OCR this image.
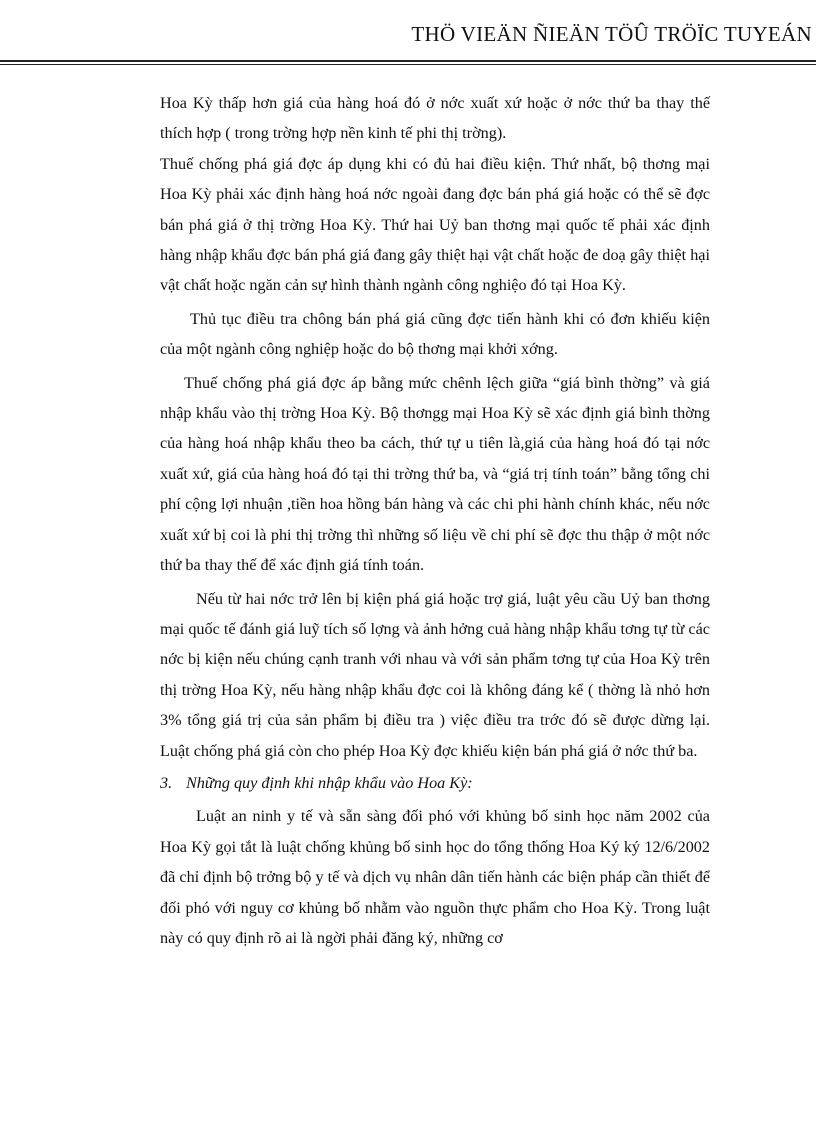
THÖ VIEÄN ÑIEÄN TÖÛ TRÖÏC TUYEÁN

Hoa Kỳ thấp hơn giá của hàng hoá đó ở nớc xuất xứ hoặc ở nớc thứ ba thay thế thích hợp ( trong trờng hợp nền kinh tế phi thị trờng).

Thuế chống phá giá đợc áp dụng khi có đủ hai điều kiện. Thứ nhất, bộ thơng mại Hoa Kỳ phải xác định hàng hoá nớc ngoài đang đợc bán phá giá hoặc có thể sẽ đợc bán phá giá ở thị trờng Hoa Kỳ. Thứ hai Uỷ ban thơng mại quốc tế phải xác định hàng nhập khẩu đợc bán phá giá đang gây thiệt hại vật chất hoặc đe doạ gây thiệt hại vật chất hoặc ngăn cản sự hình thành ngành công nghiệo đó tại Hoa Kỳ.

Thủ tục điều tra chông bán phá giá cũng đợc tiến hành khi có đơn khiếu kiện của một ngành công nghiệp hoặc do bộ thơng mại khởi xớng.

Thuế chống phá giá đợc áp bằng mức chênh lệch giữa “giá bình thờng” và giá nhập khẩu vào thị trờng Hoa Kỳ. Bộ thơngg mại Hoa Kỳ sẽ xác định giá bình thờng của hàng hoá nhập khẩu theo ba cách, thứ tự u tiên là,giá của hàng hoá đó tại nớc xuất xứ, giá của hàng hoá đó tại thi trờng thứ ba, và “giá trị tính toán” bằng tổng chi phí cộng lợi nhuận ,tiền hoa hồng bán hàng và các chi phi hành chính khác, nếu nớc xuất xứ bị coi là phi thị trờng thì những số liệu về chi phí sẽ đợc thu thập ở một nớc thứ ba thay thế để xác định giá tính toán.

Nếu từ hai nớc trở lên bị kiện phá giá hoặc trợ giá, luật yêu cầu Uỷ ban thơng mại quốc tế đánh giá luỹ tích số lợng và ảnh hởng cuả hàng nhập khẩu tơng tự từ các nớc bị kiện nếu chúng cạnh tranh với nhau và với sản phẩm tơng tự của Hoa Kỳ trên thị trờng Hoa Kỳ, nếu hàng nhập khẩu đợc coi là không đáng kể ( thờng là nhỏ hơn 3% tổng giá trị của sản phẩm bị điều tra ) việc điều tra trớc đó sẽ được dừng lại. Luật chống phá giá còn cho phép Hoa Kỳ đợc khiếu kiện bán phá giá ở nớc thứ ba.

3. Những quy định khi nhập khẩu vào Hoa Kỳ:

Luật an ninh y tế và sẵn sàng đối phó với khủng bố sinh học năm 2002 của Hoa Kỳ gọi tắt là luật chống khủng bố sinh học do tổng thống Hoa Ký ký 12/6/2002 đã chỉ định bộ trởng bộ y tế và dịch vụ nhân dân tiến hành các biện pháp cần thiết để đối phó với nguy cơ khủng bố nhằm vào nguồn thực phẩm cho Hoa Kỳ. Trong luật này có quy định rõ ai là ngời phải đăng ký, những cơ
